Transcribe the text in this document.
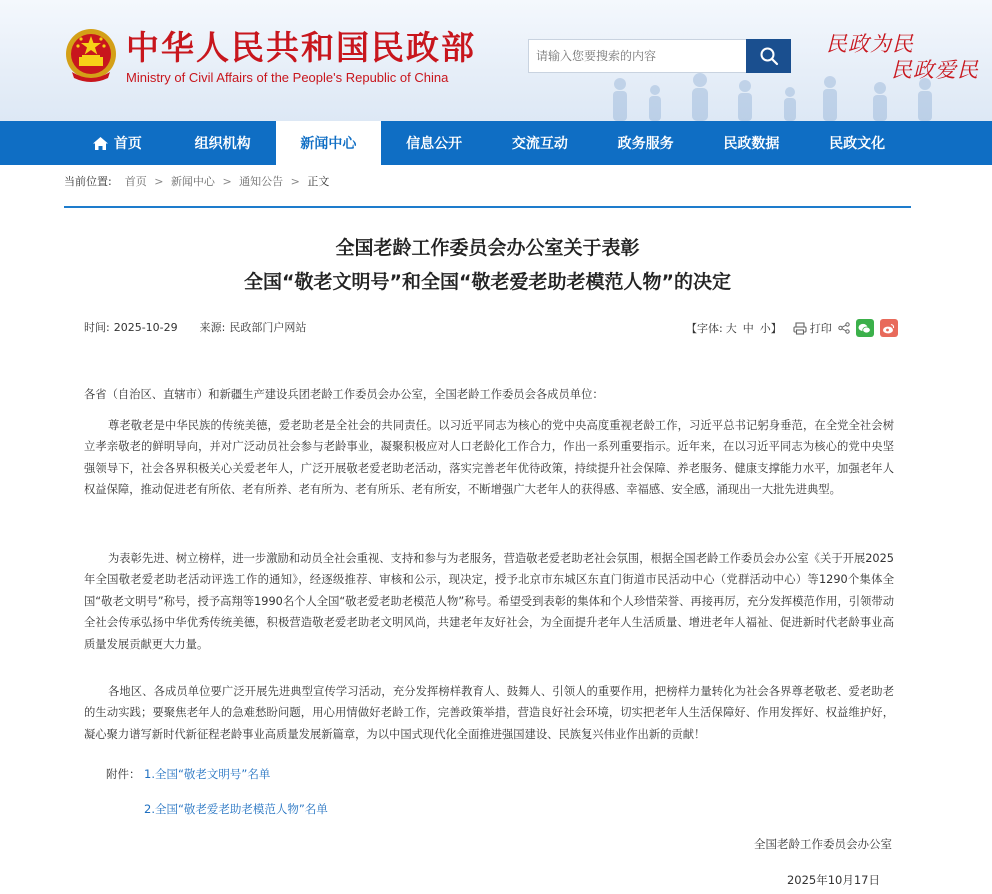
中华人民共和国民政部
Ministry of Civil Affairs of the People's Republic of China
请输入您要搜索的内容
民政为民
民政爱民
首页	组织机构	新闻中心	信息公开	交流互动	政务服务	民政数据	民政文化
当前位置: 首页 > 新闻中心 > 通知公告 > 正文
全国老龄工作委员会办公室关于表彰
全国“敬老文明号”和全国“敬老爱老助老模范人物”的决定
时间: 2025-10-29 来源: 民政部门户网站	【字体: 大 中 小】	打印
各省（自治区、直辖市）和新疆生产建设兵团老龄工作委员会办公室，全国老龄工作委员会各成员单位：
尊老敬老是中华民族的传统美德，爱老助老是全社会的共同责任。以习近平同志为核心的党中央高度重视老龄工作，习近平总书记躬身垂范，在全党全社会树立孝亲敬老的鲜明导向，并对广泛动员社会参与老龄事业，凝聚积极应对人口老龄化工作合力，作出一系列重要指示。近年来，在以习近平同志为核心的党中央坚强领导下，社会各界积极关心关爱老年人，广泛开展敬老爱老助老活动，落实完善老年优待政策，持续提升社会保障、养老服务、健康支撑能力水平，加强老年人权益保障，推动促进老有所依、老有所养、老有所为、老有所乐、老有所安，不断增强广大老年人的获得感、幸福感、安全感，涌现出一大批先进典型。
为表彰先进、树立榜样，进一步激励和动员全社会重视、支持和参与为老服务，营造敬老爱老助老社会氛围，根据全国老龄工作委员会办公室《关于开展2025年全国敬老爱老助老活动评选工作的通知》，经逐级推荐、审核和公示，现决定，授予北京市东城区东直门街道市民活动中心（党群活动中心）等1290个集体全国“敬老文明号”称号，授予高翔等1990名个人全国“敬老爱老助老模范人物”称号。希望受到表彰的集体和个人珍惜荣誉、再接再厉，充分发挥模范作用，引领带动全社会传承弘扬中华优秀传统美德，积极营造敬老爱老助老文明风尚，共建老年友好社会，为全面提升老年人生活质量、增进老年人福祉、促进新时代老龄事业高质量发展贡献更大力量。
各地区、各成员单位要广泛开展先进典型宣传学习活动，充分发挥榜样教育人、鼓舞人、引领人的重要作用，把榜样力量转化为社会各界尊老敬老、爱老助老的生动实践；要聚焦老年人的急难愁盼问题，用心用情做好老龄工作，完善政策举措，营造良好社会环境，切实把老年人生活保障好、作用发挥好、权益维护好，凝心聚力谱写新时代新征程老龄事业高质量发展新篇章，为以中国式现代化全面推进强国建设、民族复兴伟业作出新的贡献！
附件： 1.全国“敬老文明号”名单
2.全国“敬老爱老助老模范人物”名单
全国老龄工作委员会办公室
2025年10月17日
